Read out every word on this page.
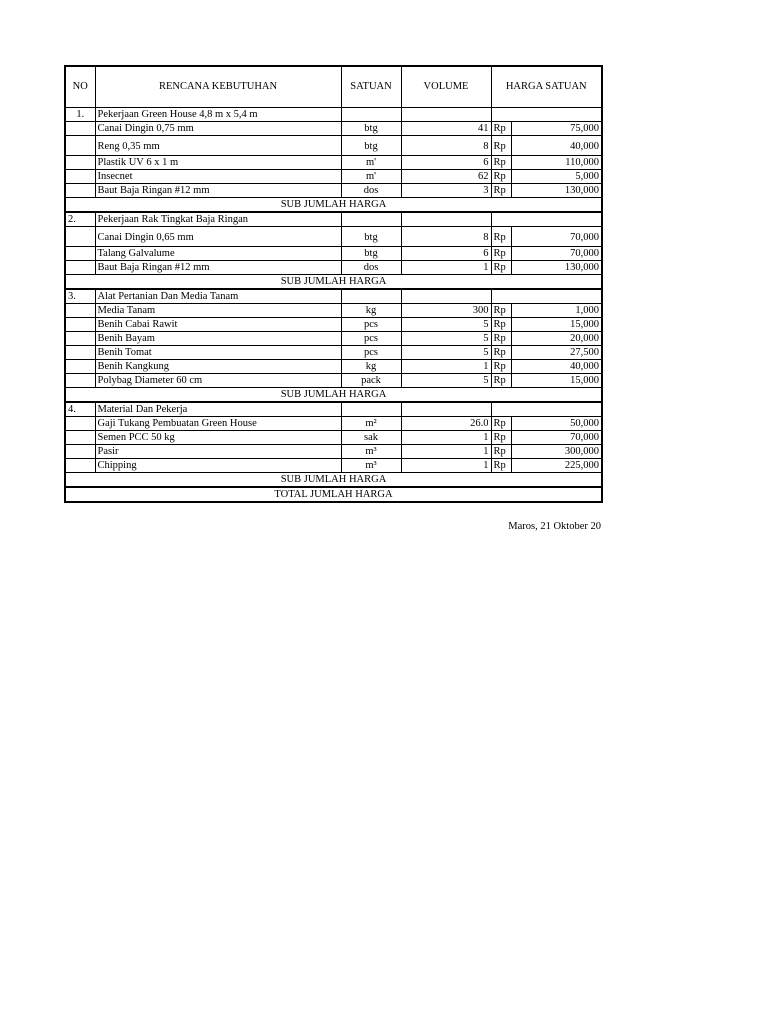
NO	RENCANA KEBUTUHAN	SATUAN	VOLUME	HARGA SATUAN	
1.	Pekerjaan Green House 4,8 m x 5,4 m				
	Canai Dingin 0,75 mm	btg	41	Rp	75,000
	Reng 0,35 mm	btg	8	Rp	40,000
	Plastik UV 6 x 1 m	m'	6	Rp	110,000
	Insecnet	m'	62	Rp	5,000
	Baut Baja Ringan #12 mm	dos	3	Rp	130,000
SUB JUMLAH HARGA					
2.	Pekerjaan Rak Tingkat Baja Ringan				
	Canai Dingin 0,65 mm	btg	8	Rp	70,000
	Talang Galvalume	btg	6	Rp	70,000
	Baut Baja Ringan #12 mm	dos	1	Rp	130,000
SUB JUMLAH HARGA					
3.	Alat Pertanian Dan Media Tanam				
	Media Tanam	kg	300	Rp	1,000
	Benih Cabai Rawit	pcs	5	Rp	15,000
	Benih Bayam	pcs	5	Rp	20,000
	Benih Tomat	pcs	5	Rp	27,500
	Benih Kangkung	kg	1	Rp	40,000
	Polybag Diameter 60 cm	pack	5	Rp	15,000
SUB JUMLAH HARGA					
4.	Material Dan Pekerja				
	Gaji Tukang Pembuatan Green House	m²	26.0	Rp	50,000
	Semen PCC 50 kg	sak	1	Rp	70,000
	Pasir	m³	1	Rp	300,000
	Chipping	m³	1	Rp	225,000
SUB JUMLAH HARGA					
TOTAL JUMLAH HARGA					
Maros, 21 Oktober 20
